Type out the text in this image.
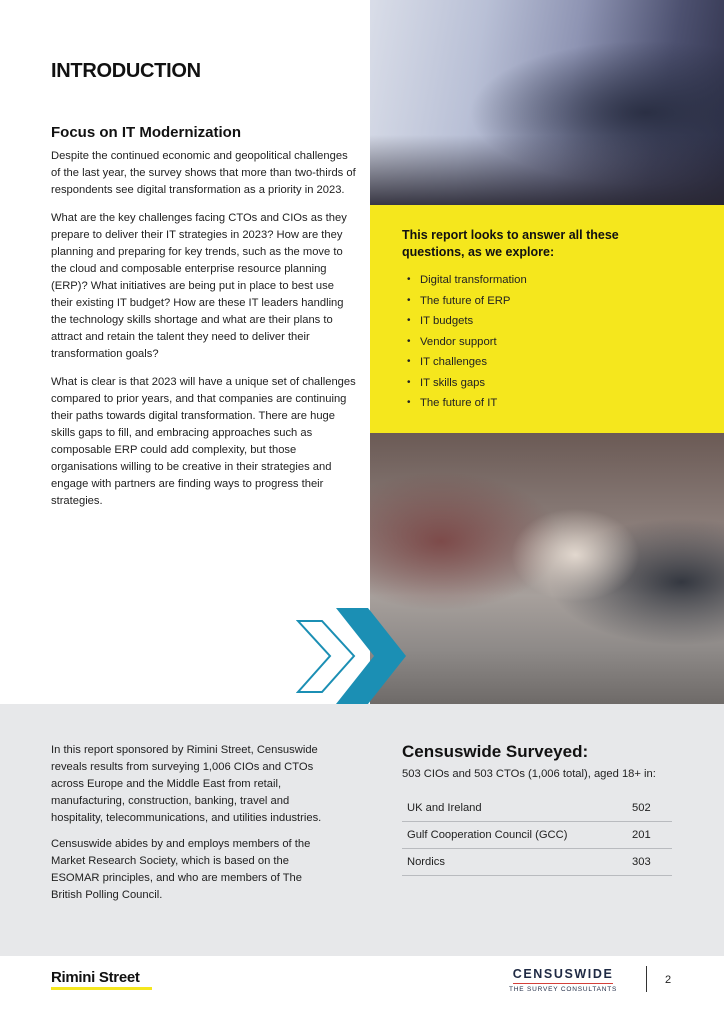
INTRODUCTION
Focus on IT Modernization

Despite the continued economic and geopolitical challenges of the last year, the survey shows that more than two-thirds of respondents see digital transformation as a priority in 2023.

What are the key challenges facing CTOs and CIOs as they prepare to deliver their IT strategies in 2023? How are they planning and preparing for key trends, such as the move to the cloud and composable enterprise resource planning (ERP)? What initiatives are being put in place to best use their existing IT budget? How are these IT leaders handling the technology skills shortage and what are their plans to attract and retain the talent they need to deliver their transformation goals?

What is clear is that 2023 will have a unique set of challenges compared to prior years, and that companies are continuing their paths towards digital transformation. There are huge skills gaps to fill, and embracing approaches such as composable ERP could add complexity, but those organisations willing to be creative in their strategies and engage with partners are finding ways to progress their strategies.

This report looks to answer all these questions, as we explore:
• Digital transformation
• The future of ERP
• IT budgets
• Vendor support
• IT challenges
• IT skills gaps
• The future of IT

In this report sponsored by Rimini Street, Censuswide reveals results from surveying 1,006 CIOs and CTOs across Europe and the Middle East from retail, manufacturing, construction, banking, travel and hospitality, telecommunications, and utilities industries.

Censuswide abides by and employs members of the Market Research Society, which is based on the ESOMAR principles, and who are members of The British Polling Council.

Censuswide Surveyed:
503 CIOs and 503 CTOs (1,006 total), aged 18+ in:
UK and Ireland	502
Gulf Cooperation Council (GCC)	201
Nordics	303
Rimini Street	CENSUSWIDE
THE SURVEY CONSULTANTS
2
